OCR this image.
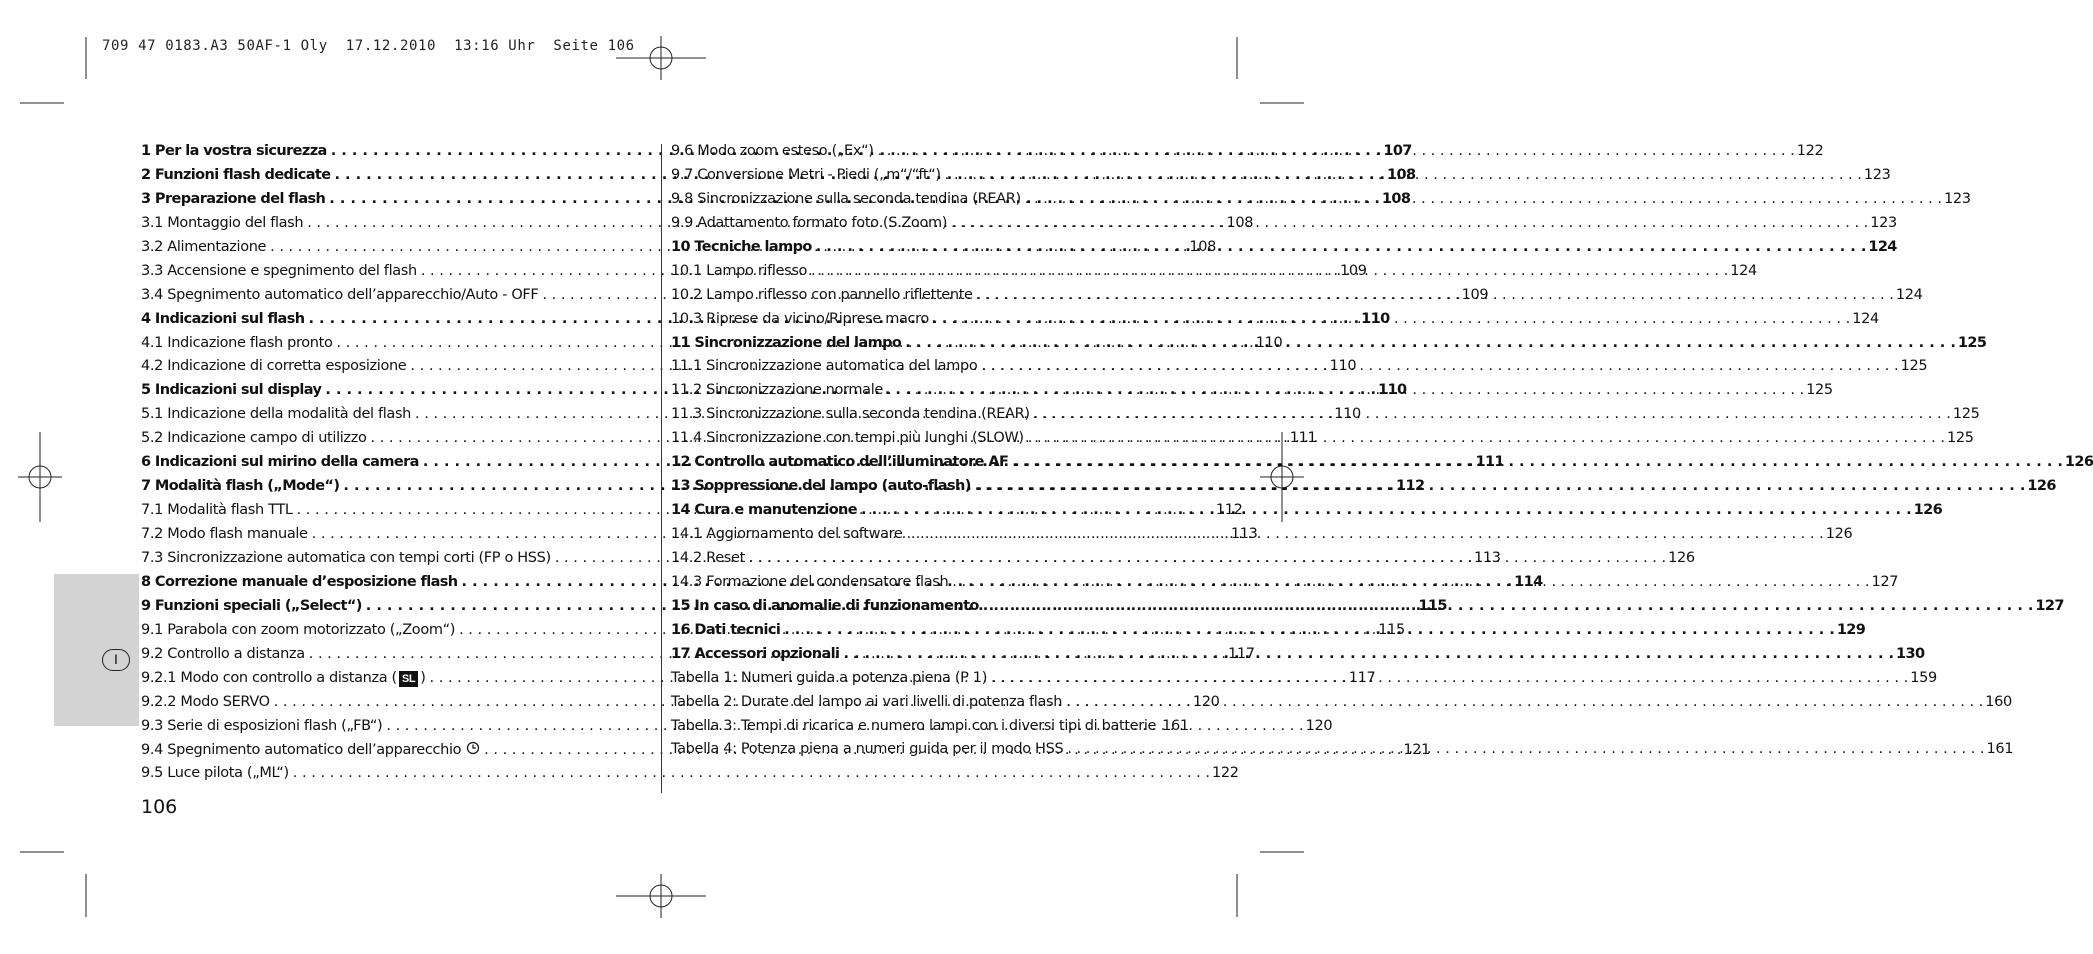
709 47 0183.A3 50AF-1 Oly  17.12.2010  13:16 Uhr  Seite 106
I
1 Per la vostra sicurezza . . .	107
2 Funzioni flash dedicate . . .	108
3 Preparazione del flash . . .	108
3.1 Montaggio del flash . . .	108
3.2 Alimentazione . . .	108
3.3 Accensione e spegnimento del flash . . .	109
3.4 Spegnimento automatico dell’apparecchio/Auto - OFF . . .	109
4 Indicazioni sul flash . . .	110
4.1 Indicazione flash pronto . . .	110
4.2 Indicazione di corretta esposizione . . .	110
5 Indicazioni sul display . . .	110
5.1 Indicazione della modalità del flash . . .	110
5.2 Indicazione campo di utilizzo . . .	111
6 Indicazioni sul mirino della camera . . .	111
7 Modalità flash („Mode“) . . .	112
7.1 Modalità flash TTL . . .	112
7.2 Modo flash manuale . . .	113
7.3 Sincronizzazione automatica con tempi corti (FP o HSS) . . .	113
8 Correzione manuale d’esposizione flash . . .	114
9 Funzioni speciali („Select“) . . .	115
9.1 Parabola con zoom motorizzato („Zoom“) . . .	115
9.2 Controllo a distanza . . .	117
9.2.1 Modo con controllo a distanza ( SL ) . . .	117
9.2.2 Modo SERVO . . .	120
9.3 Serie di esposizioni flash („FB“) . . .	120
9.4 Spegnimento automatico dell’apparecchio . . .	121
9.5 Luce pilota („ML“) . . .	122
9.6 Modo zoom esteso („Ex“) . . .	122
9.7 Conversione Metri - Piedi („m“/“ft“) . . .	123
9.8 Sincronizzazione sulla seconda tendina (REAR) . . .	123
9.9 Adattamento formato foto (S.Zoom) . . .	123
10 Tecniche lampo . . .	124
10.1 Lampo riflesso . . .	124
10.2 Lampo riflesso con pannello riflettente . . .	124
10.3 Riprese da vicino/Riprese macro . . .	124
11 Sincronizzazione del lampo . . .	125
11.1 Sincronizzazione automatica del lampo . . .	125
11.2 Sincronizzazione normale . . .	125
11.3 Sincronizzazione sulla seconda tendina (REAR) . . .	125
11.4 Sincronizzazione con tempi più lunghi (SLOW) . . .	125
12 Controllo automatico dell’illuminatore AF . . .	126
13 Soppressione del lampo (auto-flash) . . .	126
14 Cura e manutenzione . . .	126
14.1 Aggiornamento del software . . .	126
14.2 Reset . . .	126
14.3 Formazione del condensatore flash . . .	127
15 In caso di anomalie di funzionamento . . .	127
16 Dati tecnici . . .	129
17 Accessori opzionali . . .	130
Tabella 1: Numeri guida a potenza piena (P 1) . . .	159
Tabella 2: Durate del lampo ai vari livelli di potenza flash . . .	160
Tabella 3: Tempi di ricarica e numero lampi con i diversi tipi di batterie 161
Tabella 4: Potenza piena a numeri guida per il modo HSS . . .	161
106
